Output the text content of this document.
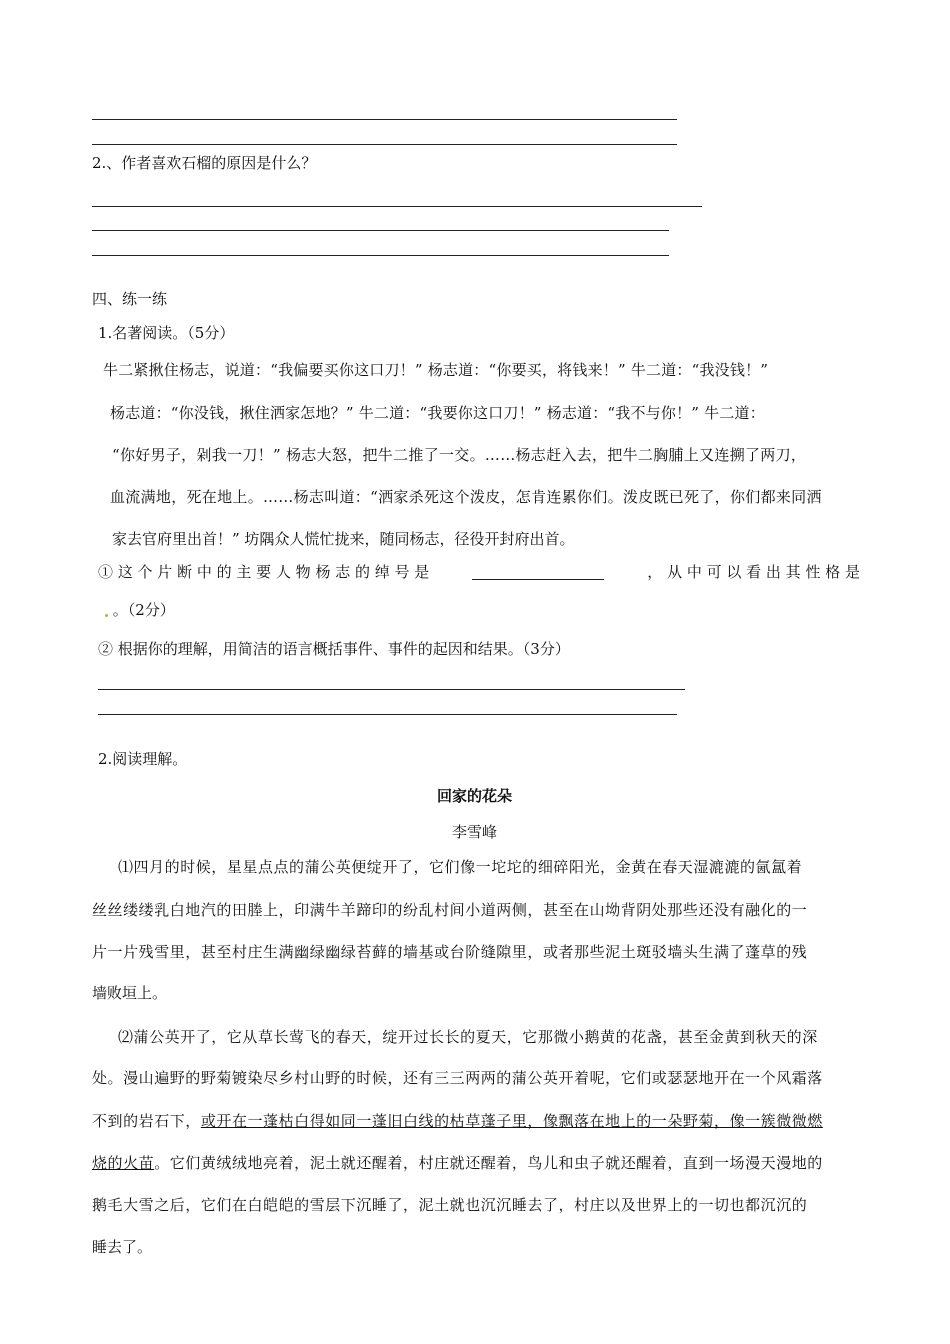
2.、作者喜欢石榴的原因是什么？
四、练一练
1.名著阅读。（5分）
牛二紧揪住杨志，说道：“我偏要买你这口刀！” 杨志道：“你要买，将钱来！” 牛二道：“我没钱！”
杨志道：“你没钱，揪住洒家怎地？” 牛二道：“我要你这口刀！” 杨志道：“我不与你！” 牛二道：
“你好男子，剁我一刀！” 杨志大怒，把牛二推了一交。……杨志赶入去，把牛二胸脯上又连搠了两刀，
血流满地，死在地上。……杨志叫道：“洒家杀死这个泼皮，怎肯连累你们。泼皮既已死了，你们都来同洒
家去官府里出首！” 坊隅众人慌忙拢来，随同杨志，径役开封府出首。
① 这 个 片 断 中 的 主 要 人 物 杨 志 的 绰 号 是	， 从 中 可 以 看 出 其 性 格 是
。（2分）
② 根据你的理解，用简洁的语言概括事件、事件的起因和结果。（3分）
2.阅读理解。
回家的花朵
李雪峰
⑴四月的时候，星星点点的蒲公英便绽开了，它们像一坨坨的细碎阳光，金黄在春天湿漉漉的氤氲着
丝丝缕缕乳白地汽的田塍上，印满牛羊蹄印的纷乱村间小道两侧，甚至在山坳背阴处那些还没有融化的一
片一片残雪里，甚至村庄生满幽绿幽绿苔藓的墙基或台阶缝隙里，或者那些泥土斑驳墙头生满了蓬草的残
墙败垣上。
⑵蒲公英开了，它从草长莺飞的春天，绽开过长长的夏天，它那微小鹅黄的花盏，甚至金黄到秋天的深
处。漫山遍野的野菊镀染尽乡村山野的时候，还有三三两两的蒲公英开着呢，它们或瑟瑟地开在一个风霜落
不到的岩石下，或开在一蓬枯白得如同一蓬旧白线的枯草蓬子里，像飘落在地上的一朵野菊，像一簇微微燃
烧的火苗。它们黄绒绒地亮着，泥土就还醒着，村庄就还醒着，鸟儿和虫子就还醒着，直到一场漫天漫地的
鹅毛大雪之后，它们在白皑皑的雪层下沉睡了，泥土就也沉沉睡去了，村庄以及世界上的一切也都沉沉的
睡去了。
